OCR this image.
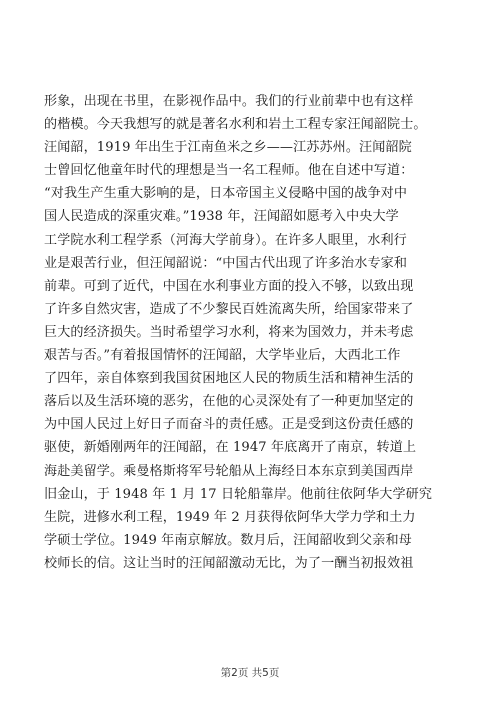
形象，出现在书里，在影视作品中。我们的行业前辈中也有这样
的楷模。今天我想写的就是著名水利和岩土工程专家汪闻韶院士。
汪闻韶，1919 年出生于江南鱼米之乡——江苏苏州。汪闻韶院
士曾回忆他童年时代的理想是当一名工程师。他在自述中写道：
“对我生产生重大影响的是，日本帝国主义侵略中国的战争对中
国人民造成的深重灾难。”1938 年，汪闻韶如愿考入中央大学
工学院水利工程学系（河海大学前身）。在许多人眼里，水利行
业是艰苦行业，但汪闻韶说：“中国古代出现了许多治水专家和
前辈。可到了近代，中国在水利事业方面的投入不够，以致出现
了许多自然灾害，造成了不少黎民百姓流离失所，给国家带来了
巨大的经济损失。当时希望学习水利，将来为国效力，并未考虑
艰苦与否。”有着报国情怀的汪闻韶，大学毕业后，大西北工作
了四年，亲自体察到我国贫困地区人民的物质生活和精神生活的
落后以及生活环境的恶劣，在他的心灵深处有了一种更加坚定的
为中国人民过上好日子而奋斗的责任感。正是受到这份责任感的
驱使，新婚刚两年的汪闻韶，在 1947 年底离开了南京，转道上
海赴美留学。乘曼格斯将军号轮船从上海经日本东京到美国西岸
旧金山，于 1948 年 1 月 17 日轮船靠岸。他前往依阿华大学研究
生院，进修水利工程，1949 年 2 月获得依阿华大学力学和土力
学硕士学位。1949 年南京解放。数月后，汪闻韶收到父亲和母
校师长的信。这让当时的汪闻韶激动无比，为了一酬当初报效祖
第2页 共5页
